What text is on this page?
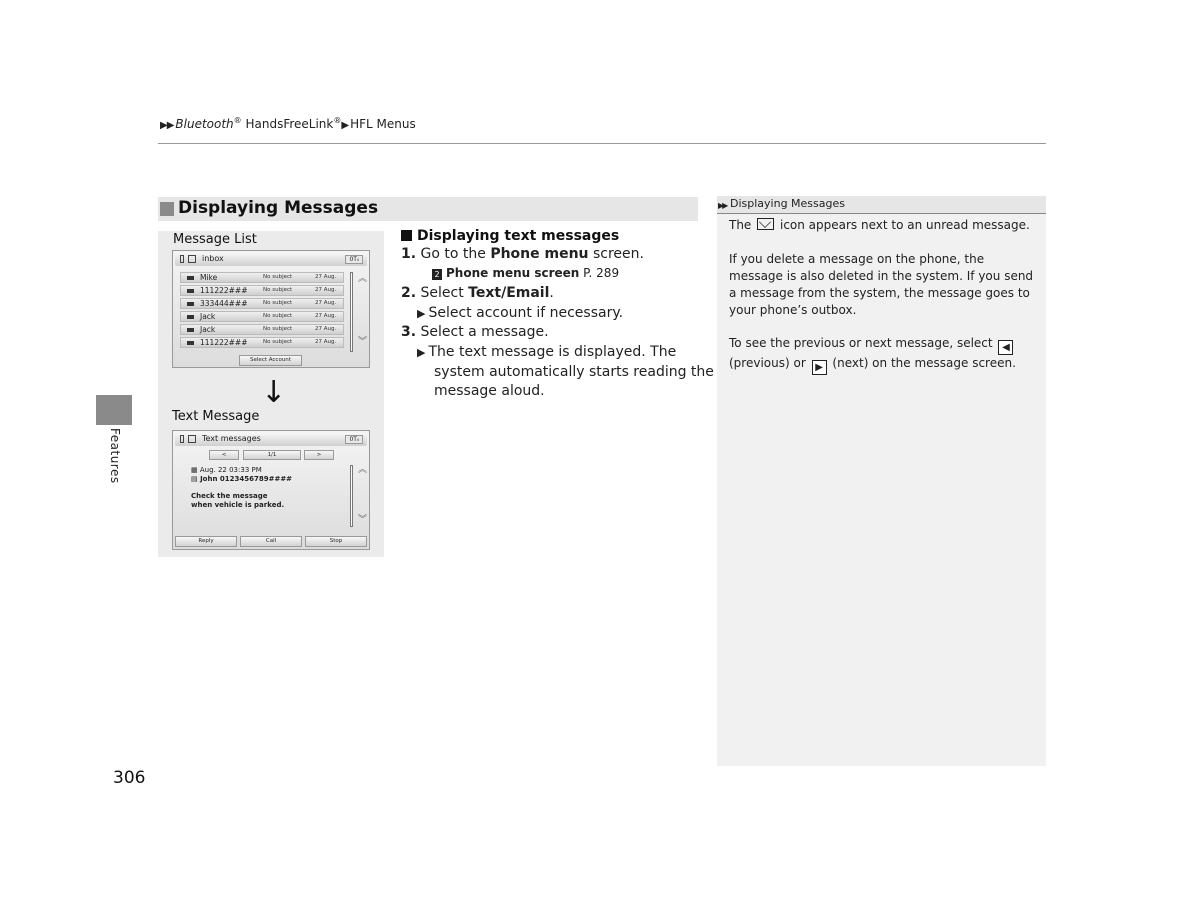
▶▶ Bluetooth® HandsFreeLink®▶ HFL Menus
Features
306
Displaying Messages
Message List
inbox	0Tᵢₗ
Mike	No subject	27 Aug.
111222###	No subject	27 Aug.
333444###	No subject	27 Aug.
Jack	No subject	27 Aug.
Jack	No subject	27 Aug.
111222###	No subject	27 Aug.
︽
︾
Select Account
↓
Text Message
Text messages	0Tᵢₗ
<	1/1	>
▦ Aug. 22 03:33 PM
▤ John 0123456789####
Check the message
when vehicle is parked.
︽
︾
Reply	Call	Stop
Displaying text messages
1. Go to the Phone menu screen.
2 Phone menu screen P. 289
2. Select Text/Email.
▶ Select account if necessary.
3. Select a message.
▶ The text message is displayed. The
system automatically starts reading the
message aloud.
▶▶ Displaying Messages
The icon appears next to an unread message.
If you delete a message on the phone, the message is also deleted in the system. If you send a message from the system, the message goes to your phone’s outbox.
To see the previous or next message, select ◀ (previous) or ▶ (next) on the message screen.
